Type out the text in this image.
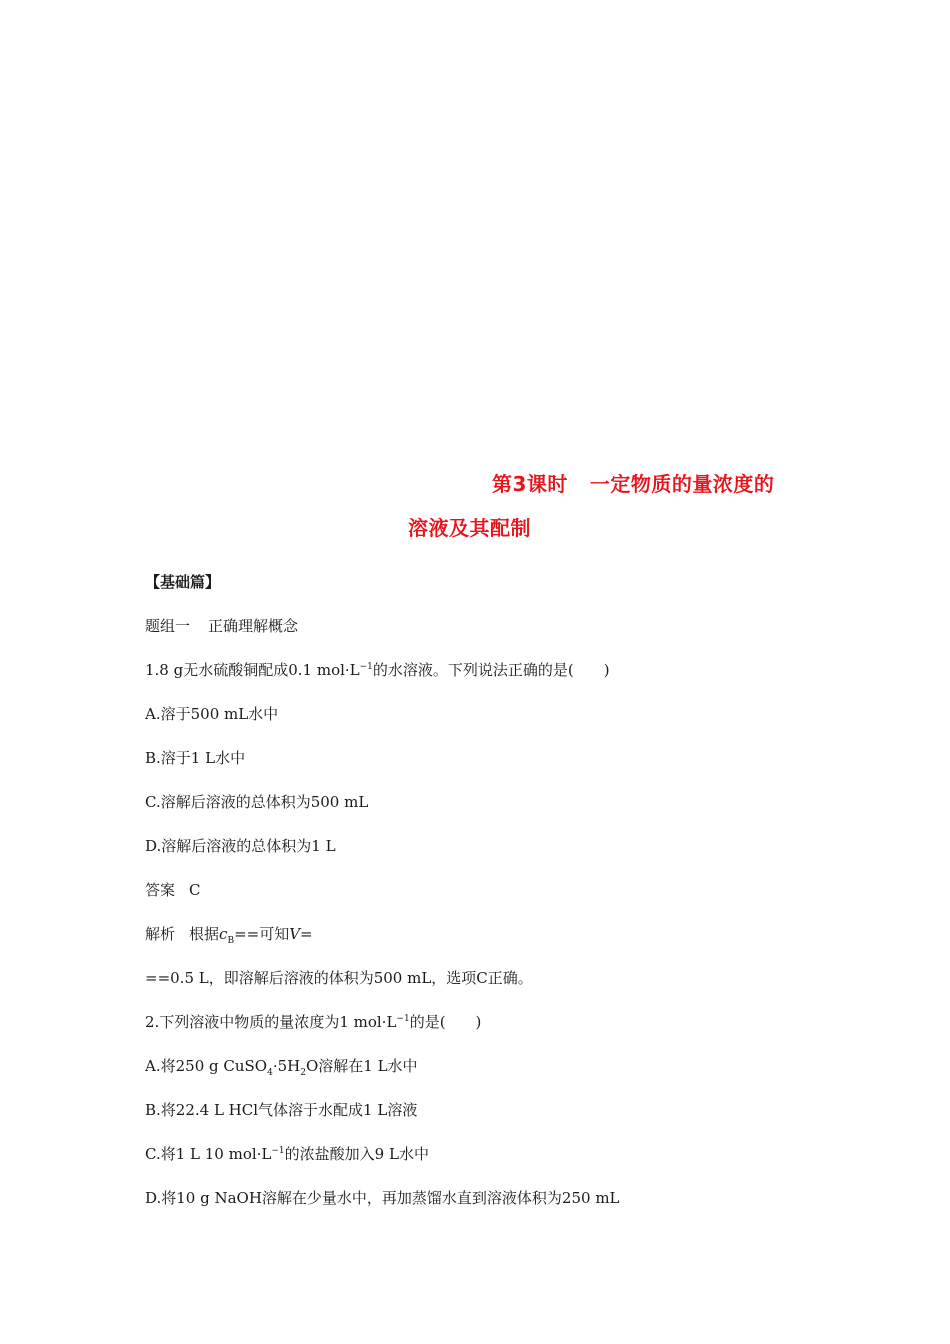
第3课时 一定物质的量浓度的
溶液及其配制
【基础篇】
题组一 正确理解概念
1.8 g无水硫酸铜配成0.1 $mol\cdot L^{-1}$的水溶液。下列说法正确的是(　　)
A.溶于500 mL水中
B.溶于1 L水中
C.溶解后溶液的总体积为500 mL
D.溶解后溶液的总体积为1 L
答案 C
解析 根据$c_B==$可知V=
==0.5 L，即溶解后溶液的体积为500 mL，选项C正确。
2.下列溶液中物质的量浓度为1 $mol\cdot L^{-1}$的是(　　)
A.将250 g $CuSO_4\cdot 5H_2O$溶解在1 L水中
B.将22.4 L HCl气体溶于水配成1 L溶液
C.将1 L 10 $mol\cdot L^{-1}$的浓盐酸加入9 L水中
D.将10 g NaOH溶解在少量水中，再加蒸馏水直到溶液体积为250 mL
